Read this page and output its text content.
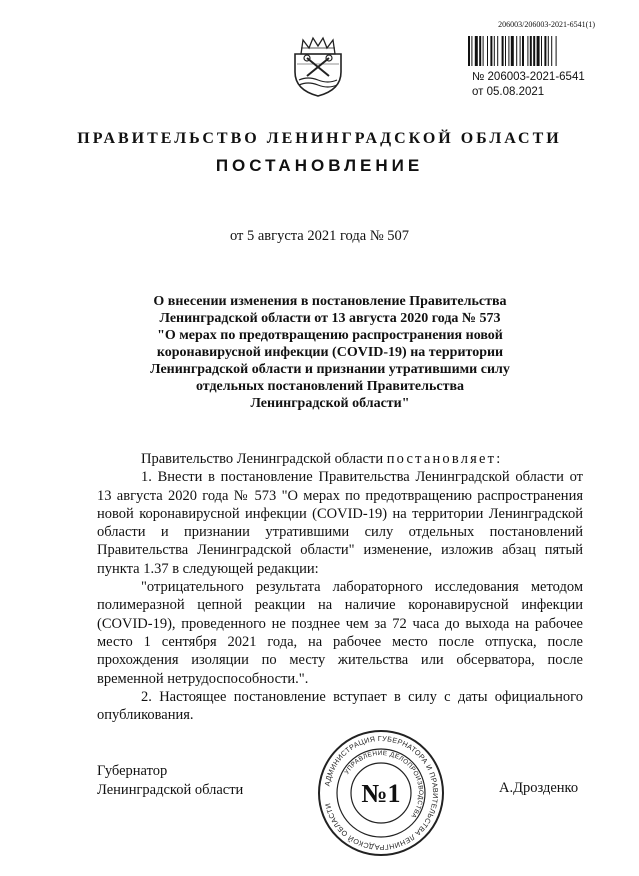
206003/206003-2021-6541(1)
№ 206003-2021-6541
от 05.08.2021
ПРАВИТЕЛЬСТВО ЛЕНИНГРАДСКОЙ ОБЛАСТИ
ПОСТАНОВЛЕНИЕ
от 5 августа 2021 года № 507
О внесении изменения в постановление Правительства
Ленинградской области от 13 августа 2020 года № 573
"О мерах по предотвращению распространения новой
коронавирусной инфекции (COVID-19) на территории
Ленинградской области и признании утратившими силу
отдельных постановлений Правительства
Ленинградской области"

Правительство Ленинградской области постановляет:

1. Внести в постановление Правительства Ленинградской области от 13 августа 2020 года № 573 "О мерах по предотвращению распространения новой коронавирусной инфекции (COVID-19) на территории Ленинградской области и признании утратившими силу отдельных постановлений Правительства Ленинградской области" изменение, изложив абзац пятый пункта 1.37 в следующей редакции:

"отрицательного результата лабораторного исследования методом полимеразной цепной реакции на наличие коронавирусной инфекции (COVID-19), проведенного не позднее чем за 72 часа до выхода на рабочее место 1 сентября 2021 года, на рабочее место после отпуска, после прохождения изоляции по месту жительства или обсерватора, после временной нетрудоспособности.".

2. Настоящее постановление вступает в силу с даты официального опубликования.

Губернатор
Ленинградской области	А.Дрозденко
АДМИНИСТРАЦИЯ ГУБЕРНАТОРА И ПРАВИТЕЛЬСТВА ЛЕНИНГРАДСКОЙ ОБЛАСТИ
УПРАВЛЕНИЕ ДЕЛОПРОИЗВОДСТВА
№1
